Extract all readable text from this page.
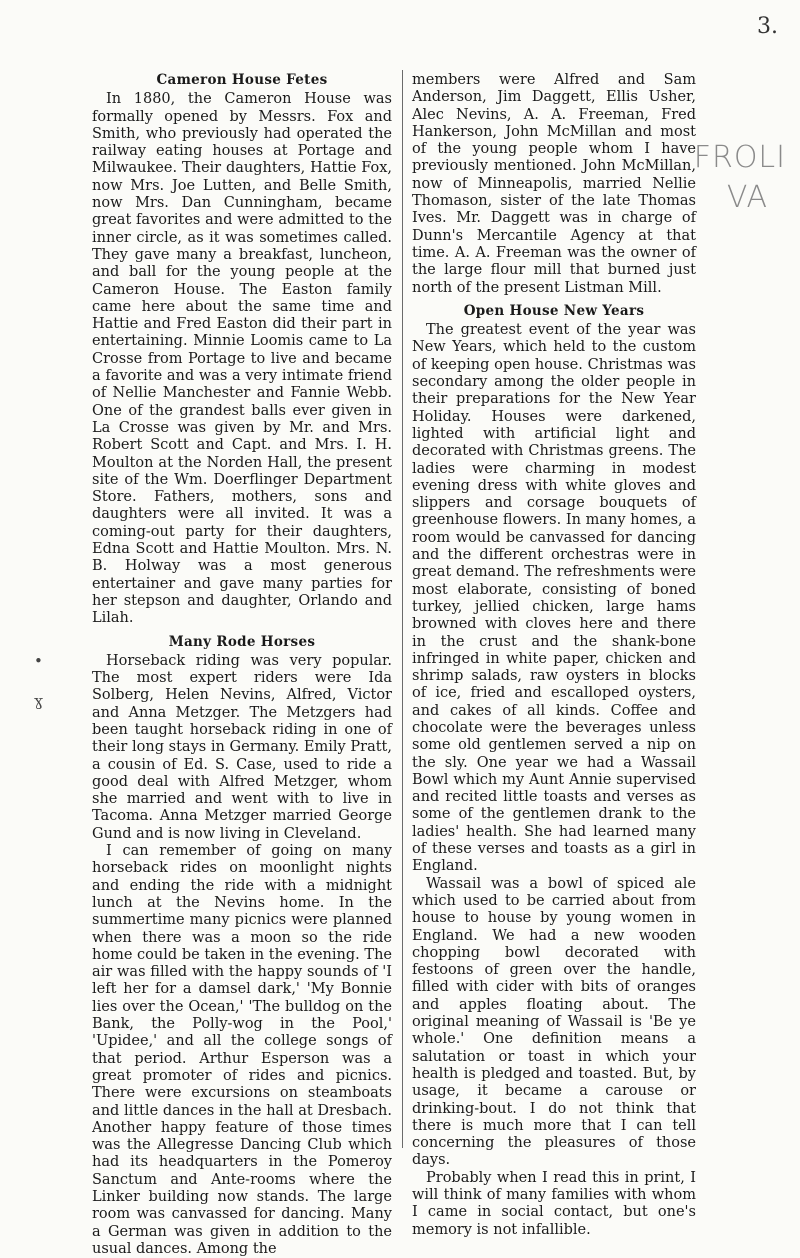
3.
FROLI
VA
•
ɣ
Cameron House Fetes

In 1880, the Cameron House was formally opened by Messrs. Fox and Smith, who previously had operated the railway eating houses at Portage and Milwaukee. Their daughters, Hattie Fox, now Mrs. Joe Lutten, and Belle Smith, now Mrs. Dan Cunningham, became great favorites and were admitted to the inner circle, as it was sometimes called. They gave many a breakfast, luncheon, and ball for the young people at the Cameron House. The Easton family came here about the same time and Hattie and Fred Easton did their part in entertaining. Minnie Loomis came to La Crosse from Portage to live and became a favorite and was a very intimate friend of Nellie Manchester and Fannie Webb. One of the grandest balls ever given in La Crosse was given by Mr. and Mrs. Robert Scott and Capt. and Mrs. I. H. Moulton at the Norden Hall, the present site of the Wm. Doerflinger Department Store. Fathers, mothers, sons and daughters were all invited. It was a coming-out party for their daughters, Edna Scott and Hattie Moulton. Mrs. N. B. Holway was a most generous entertainer and gave many parties for her stepson and daughter, Orlando and Lilah.

Many Rode Horses

Horseback riding was very popular. The most expert riders were Ida Solberg, Helen Nevins, Alfred, Victor and Anna Metzger. The Metzgers had been taught horseback riding in one of their long stays in Germany. Emily Pratt, a cousin of Ed. S. Case, used to ride a good deal with Alfred Metzger, whom she married and went with to live in Tacoma. Anna Metzger married George Gund and is now living in Cleveland.

I can remember of going on many horseback rides on moonlight nights and ending the ride with a midnight lunch at the Nevins home. In the summertime many picnics were planned when there was a moon so the ride home could be taken in the evening. The air was filled with the happy sounds of 'I left her for a damsel dark,' 'My Bonnie lies over the Ocean,' 'The bulldog on the Bank, the Polly-wog in the Pool,' 'Upidee,' and all the college songs of that period. Arthur Esperson was a great promoter of rides and picnics. There were excursions on steamboats and little dances in the hall at Dresbach. Another happy feature of those times was the Allegresse Dancing Club which had its headquarters in the Pomeroy Sanctum and Ante-rooms where the Linker building now stands. The large room was canvassed for dancing. Many a German was given in addition to the usual dances. Among the

members were Alfred and Sam Anderson, Jim Daggett, Ellis Usher, Alec Nevins, A. A. Freeman, Fred Hankerson, John McMillan and most of the young people whom I have previously mentioned. John McMillan, now of Minneapolis, married Nellie Thomason, sister of the late Thomas Ives. Mr. Daggett was in charge of Dunn's Mercantile Agency at that time. A. A. Freeman was the owner of the large flour mill that burned just north of the present Listman Mill.

Open House New Years

The greatest event of the year was New Years, which held to the custom of keeping open house. Christmas was secondary among the older people in their preparations for the New Year Holiday. Houses were darkened, lighted with artificial light and decorated with Christmas greens. The ladies were charming in modest evening dress with white gloves and slippers and corsage bouquets of greenhouse flowers. In many homes, a room would be canvassed for dancing and the different orchestras were in great demand. The refreshments were most elaborate, consisting of boned turkey, jellied chicken, large hams browned with cloves here and there in the crust and the shank-bone infringed in white paper, chicken and shrimp salads, raw oysters in blocks of ice, fried and escalloped oysters, and cakes of all kinds. Coffee and chocolate were the beverages unless some old gentlemen served a nip on the sly. One year we had a Wassail Bowl which my Aunt Annie supervised and recited little toasts and verses as some of the gentlemen drank to the ladies' health. She had learned many of these verses and toasts as a girl in England.

Wassail was a bowl of spiced ale which used to be carried about from house to house by young women in England. We had a new wooden chopping bowl decorated with festoons of green over the handle, filled with cider with bits of oranges and apples floating about. The original meaning of Wassail is 'Be ye whole.' One definition means a salutation or toast in which your health is pledged and toasted. But, by usage, it became a carouse or drinking-bout. I do not think that there is much more that I can tell concerning the pleasures of those days.

Probably when I read this in print, I will think of many families with whom I came in social contact, but one's memory is not infallible.
